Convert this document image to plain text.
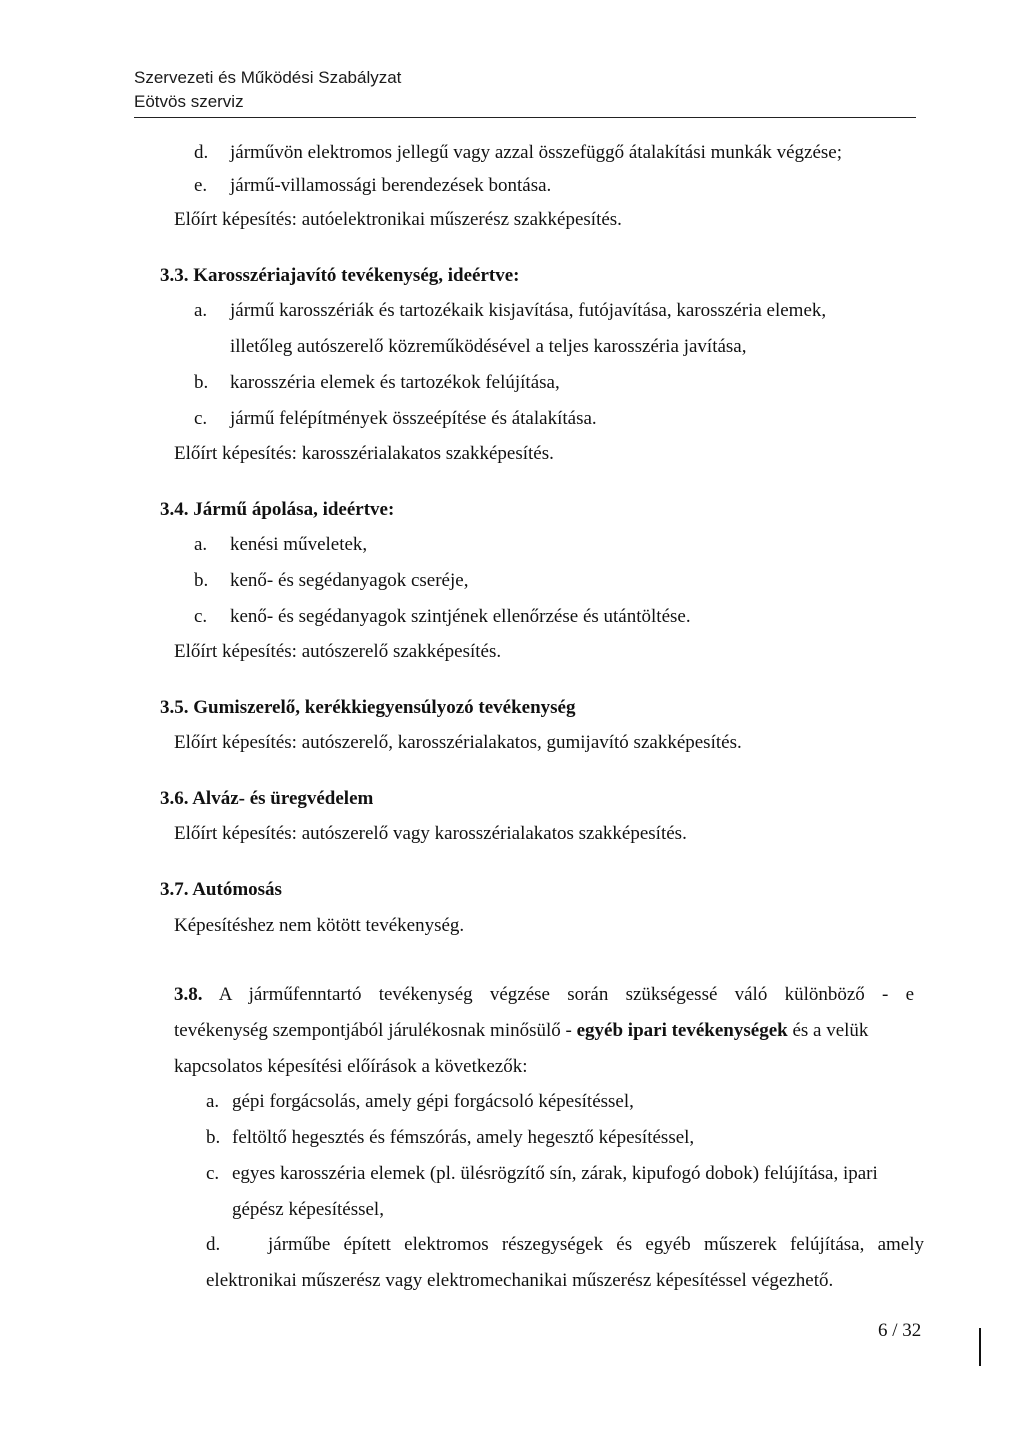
Szervezeti és Működési Szabályzat
Eötvös szerviz
d. járművön elektromos jellegű vagy azzal összefüggő átalakítási munkák végzése;
e. jármű-villamossági berendezések bontása.
Előírt képesítés: autóelektronikai műszerész szakképesítés.
3.3. Karosszériajavító tevékenység, ideértve:
a. jármű karosszériák és tartozékaik kisjavítása, futójavítása, karosszéria elemek,
illetőleg autószerelő közreműködésével a teljes karosszéria javítása,
b. karosszéria elemek és tartozékok felújítása,
c. jármű felépítmények összeépítése és átalakítása.
Előírt képesítés: karosszérialakatos szakképesítés.
3.4. Jármű ápolása, ideértve:
a. kenési műveletek,
b. kenő- és segédanyagok cseréje,
c. kenő- és segédanyagok szintjének ellenőrzése és utántöltése.
Előírt képesítés: autószerelő szakképesítés.
3.5. Gumiszerelő, kerékkiegyensúlyozó tevékenység
Előírt képesítés: autószerelő, karosszérialakatos, gumijavító szakképesítés.
3.6. Alváz- és üregvédelem
Előírt képesítés: autószerelő vagy karosszérialakatos szakképesítés.
3.7. Autómosás
Képesítéshez nem kötött tevékenység.
3.8. A járműfenntartó tevékenység végzése során szükségessé váló különböző - e
tevékenység szempontjából járulékosnak minősülő - egyéb ipari tevékenységek és a velük
kapcsolatos képesítési előírások a következők:
a. gépi forgácsolás, amely gépi forgácsoló képesítéssel,
b. feltöltő hegesztés és fémszórás, amely hegesztő képesítéssel,
c. egyes karosszéria elemek (pl. ülésrögzítő sín, zárak, kipufogó dobok) felújítása, ipari
gépész képesítéssel,
d.	járműbe épített elektromos részegységek és egyéb műszerek felújítása, amely
elektronikai műszerész vagy elektromechanikai műszerész képesítéssel végezhető.
6 / 32
